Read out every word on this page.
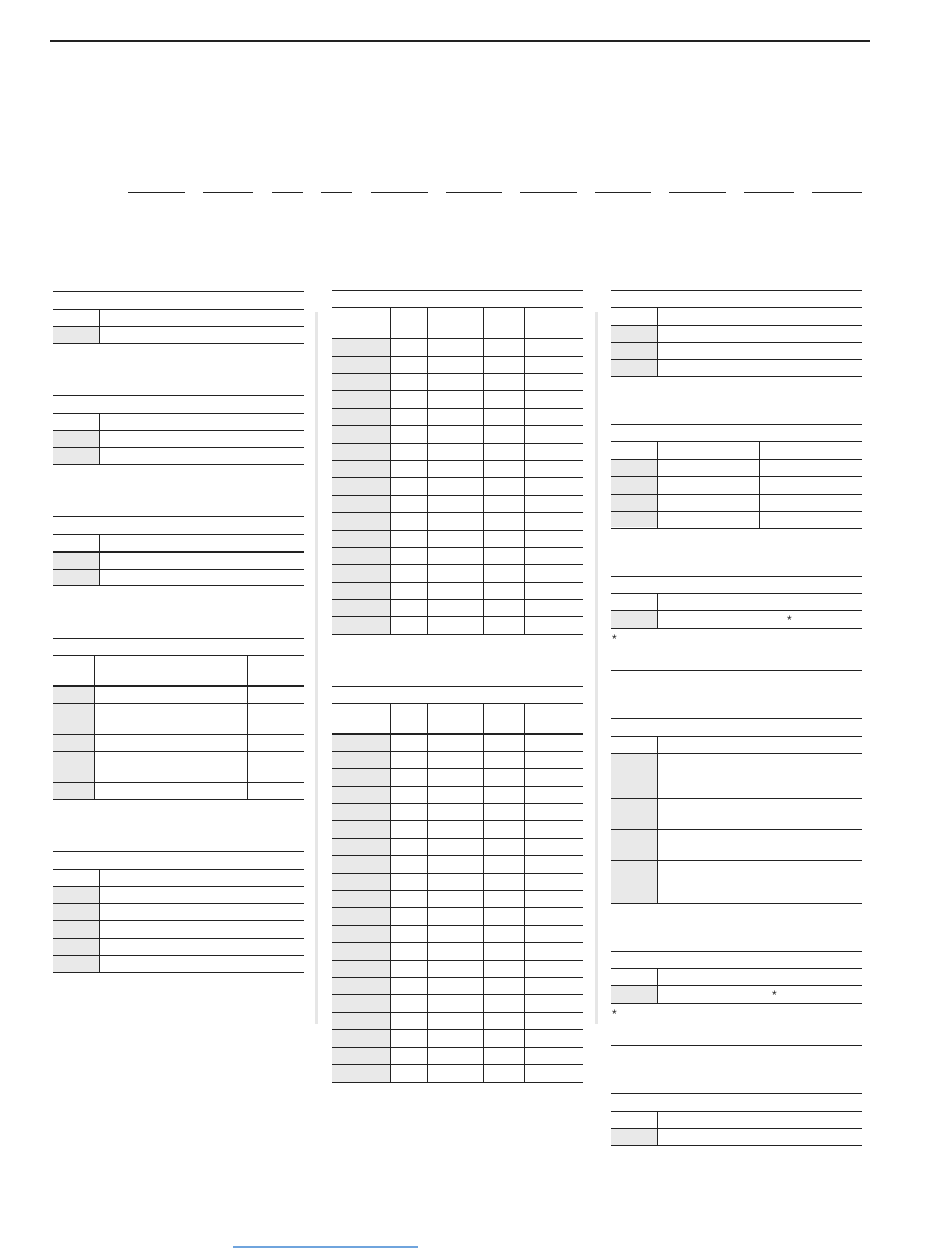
*
*
*
*
